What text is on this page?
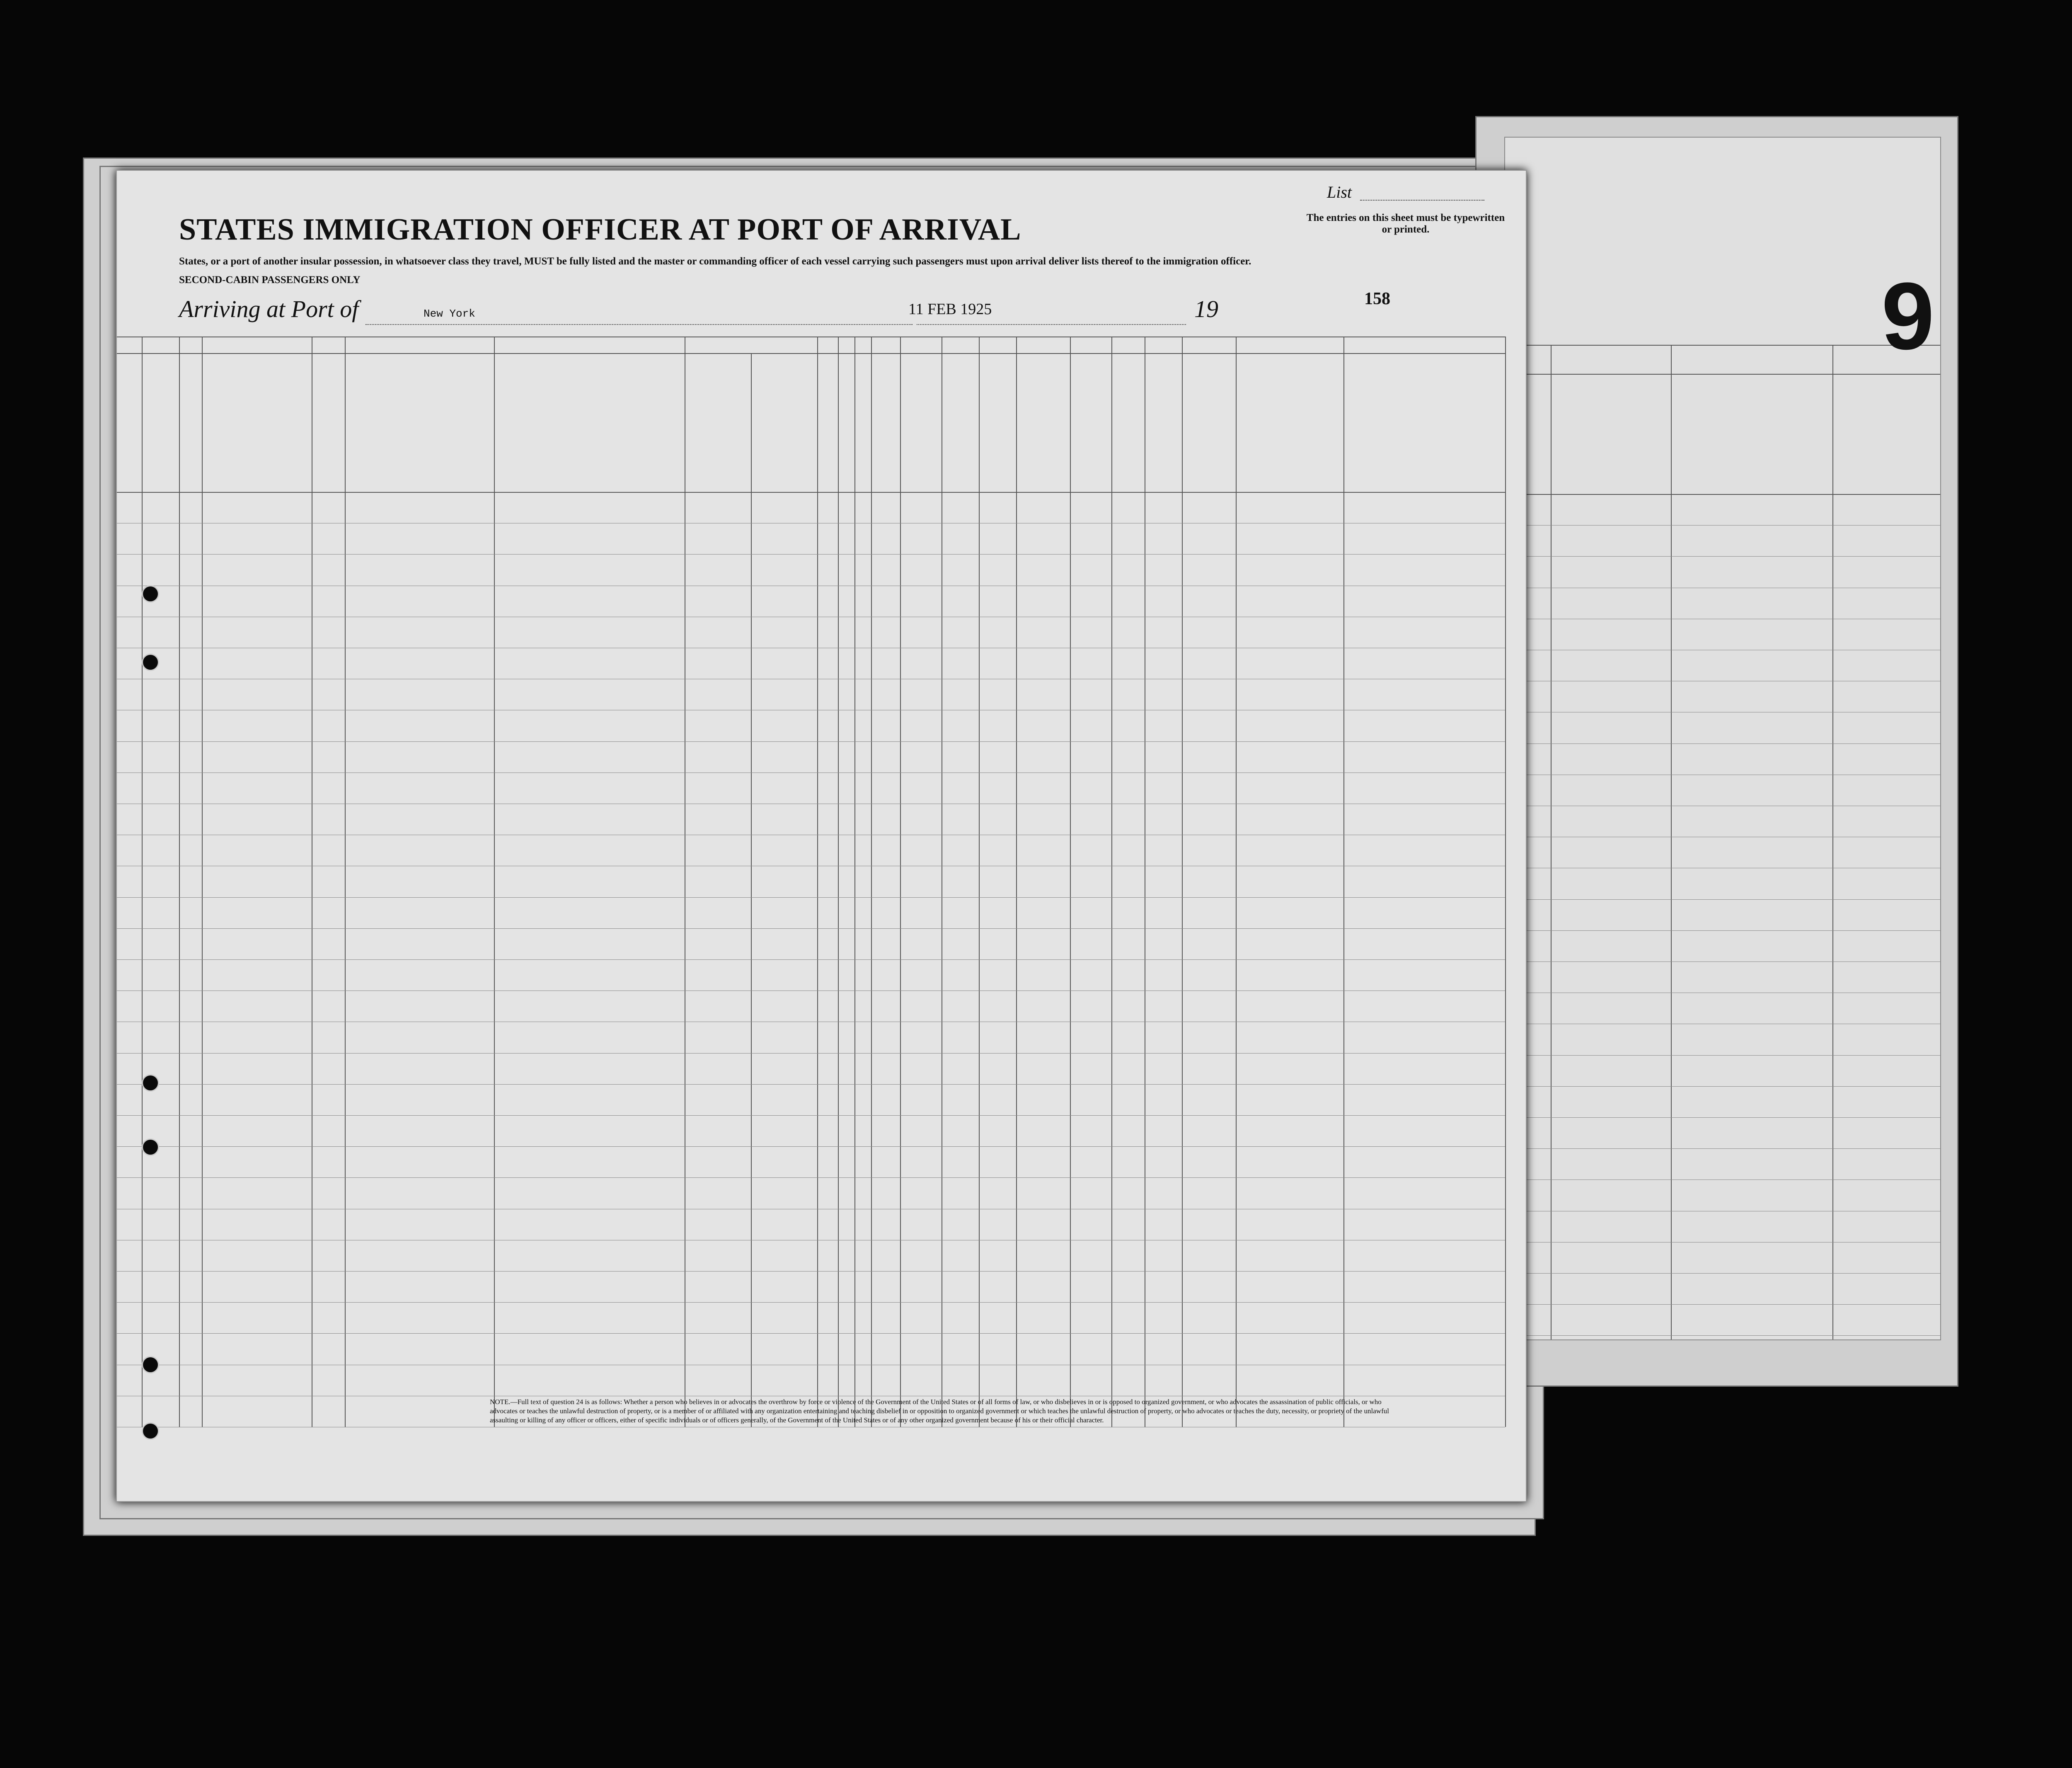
9
STATES IMMIGRATION OFFICER AT PORT OF ARRIVAL
States, or a port of another insular possession, in whatsoever class they travel, MUST be fully listed and the master or commanding officer of each vessel carrying such passengers must upon arrival deliver lists thereof to the immigration officer.
SECOND-CABIN PASSENGERS ONLY
List
The entries on this sheet must be typewritten or printed.
Arriving at Port of	New York	11 FEB 1925	19	158
NOTE.—Full text of question 24 is as follows: Whether a person who believes in or advocates the overthrow by force or violence of the Government of the United States or of all forms of law, or who disbelieves in or is opposed to organized government, or who advocates the assassination of public officials, or who advocates or teaches the unlawful destruction of property, or is a member of or affiliated with any organization entertaining and teaching disbelief in or opposition to organized government or which teaches the unlawful destruction of property, or who advocates or teaches the duty, necessity, or propriety of the unlawful assaulting or killing of any officer or officers, either of specific individuals or of officers generally, of the Government of the United States or of any other organized government because of his or their official character.
